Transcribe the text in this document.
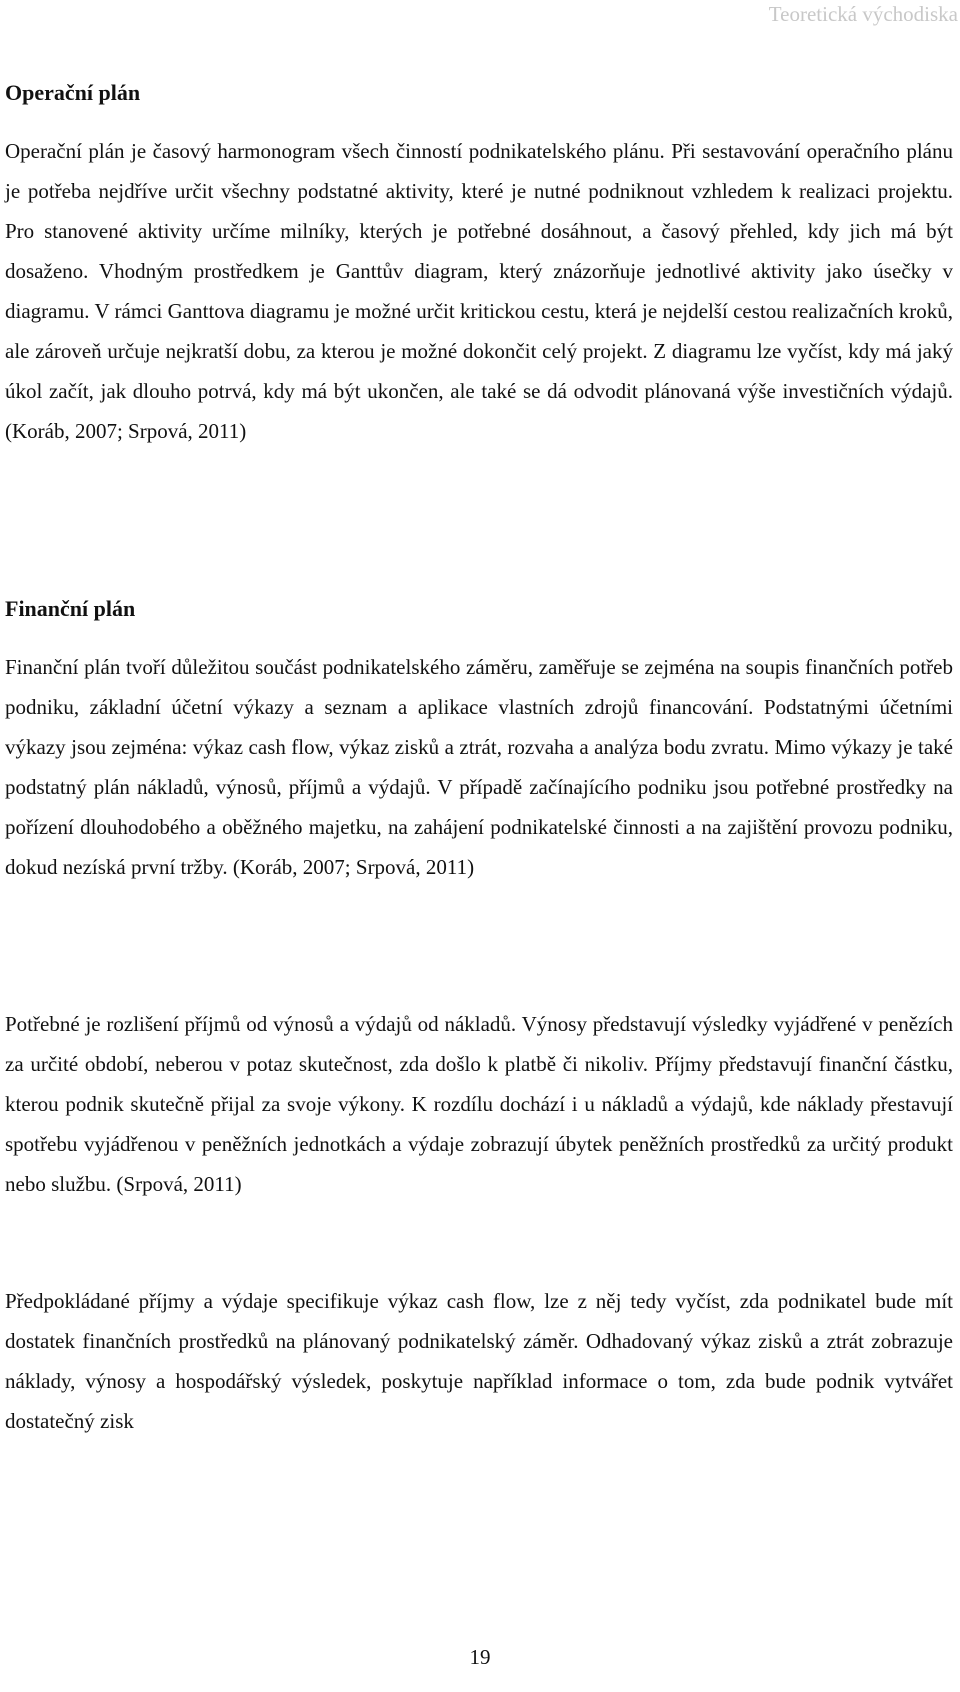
Teoretická východiska
Operační plán

Operační plán je časový harmonogram všech činností podnikatelského plánu. Při sestavování operačního plánu je potřeba nejdříve určit všechny podstatné aktivity, které je nutné podniknout vzhledem k realizaci projektu. Pro stanovené aktivity určíme milníky, kterých je potřebné dosáhnout, a časový přehled, kdy jich má být dosaženo. Vhodným prostředkem je Ganttův diagram, který znázorňuje jednotlivé aktivity jako úsečky v diagramu. V rámci Ganttova diagramu je možné určit kritickou cestu, která je nejdelší cestou realizačních kroků, ale zároveň určuje nejkratší dobu, za kterou je možné dokončit celý projekt. Z diagramu lze vyčíst, kdy má jaký úkol začít, jak dlouho potrvá, kdy má být ukončen, ale také se dá odvodit plánovaná výše investičních výdajů. (Koráb, 2007; Srpová, 2011)

Finanční plán

Finanční plán tvoří důležitou součást podnikatelského záměru, zaměřuje se zejména na soupis finančních potřeb podniku, základní účetní výkazy a seznam a aplikace vlastních zdrojů financování. Podstatnými účetními výkazy jsou zejména: výkaz cash flow, výkaz zisků a ztrát, rozvaha a analýza bodu zvratu. Mimo výkazy je také podstatný plán nákladů, výnosů, příjmů a výdajů. V případě začínajícího podniku jsou potřebné prostředky na pořízení dlouhodobého a oběžného majetku, na zahájení podnikatelské činnosti a na zajištění provozu podniku, dokud nezíská první tržby. (Koráb, 2007; Srpová, 2011)

Potřebné je rozlišení příjmů od výnosů a výdajů od nákladů. Výnosy představují výsledky vyjádřené v penězích za určité období, neberou v potaz skutečnost, zda došlo k platbě či nikoliv. Příjmy představují finanční částku, kterou podnik skutečně přijal za svoje výkony. K rozdílu dochází i u nákladů a výdajů, kde náklady přestavují spotřebu vyjádřenou v peněžních jednotkách a výdaje zobrazují úbytek peněžních prostředků za určitý produkt nebo službu. (Srpová, 2011)

Předpokládané příjmy a výdaje specifikuje výkaz cash flow, lze z něj tedy vyčíst, zda podnikatel bude mít dostatek finančních prostředků na plánovaný podnikatelský záměr. Odhadovaný výkaz zisků a ztrát zobrazuje náklady, výnosy a hospodářský výsledek, poskytuje například informace o tom, zda bude podnik vytvářet dostatečný zisk

19
